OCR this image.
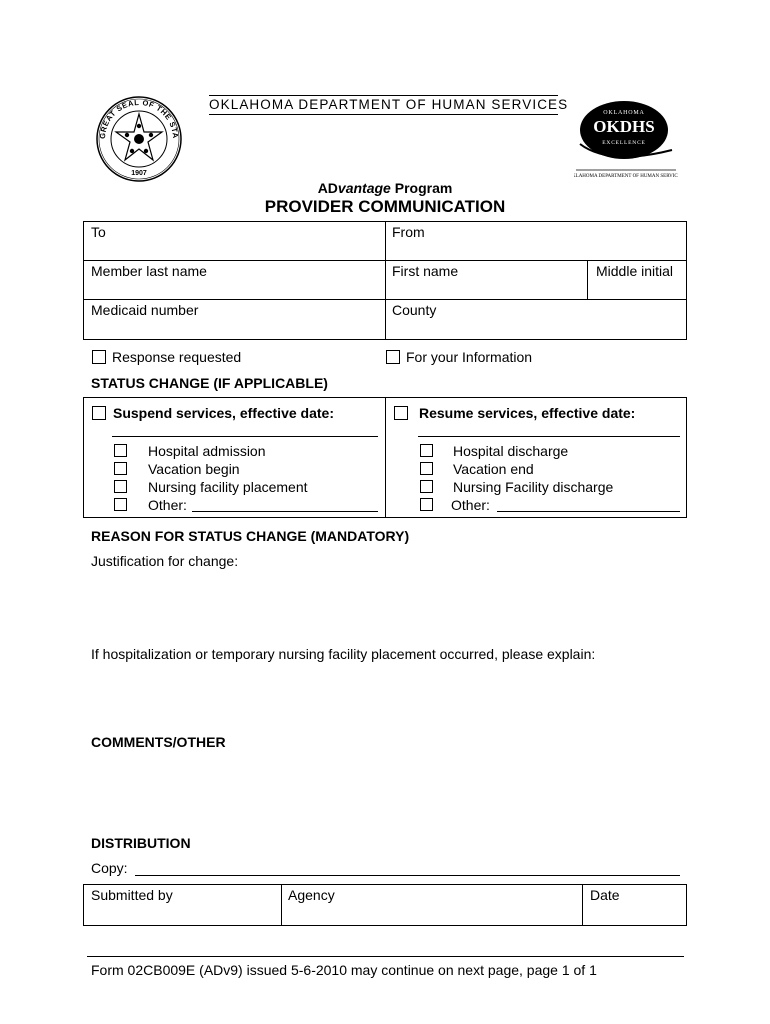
GREAT SEAL OF THE STA
1907
OKLAHOMA DEPARTMENT OF HUMAN SERVICES
OKLAHOMA
OKDHS
EXCELLENCE
OKLAHOMA DEPARTMENT OF HUMAN SERVICES
ADvantage Program
PROVIDER COMMUNICATION
To	From
Member last name	First name	Middle initial
Medicaid number	County
Response requested	For your Information
STATUS CHANGE (IF APPLICABLE)
Suspend services, effective date:
Hospital admission
Vacation begin
Nursing facility placement
Other:
Resume services, effective date:
Hospital discharge
Vacation end
Nursing Facility discharge
Other:
REASON FOR STATUS CHANGE (MANDATORY)
Justification for change:
If hospitalization or temporary nursing facility placement occurred, please explain:
COMMENTS/OTHER
DISTRIBUTION
Copy:
Submitted by	Agency	Date
Form 02CB009E (ADv9) issued 5-6-2010 may continue on next page, page 1 of 1
